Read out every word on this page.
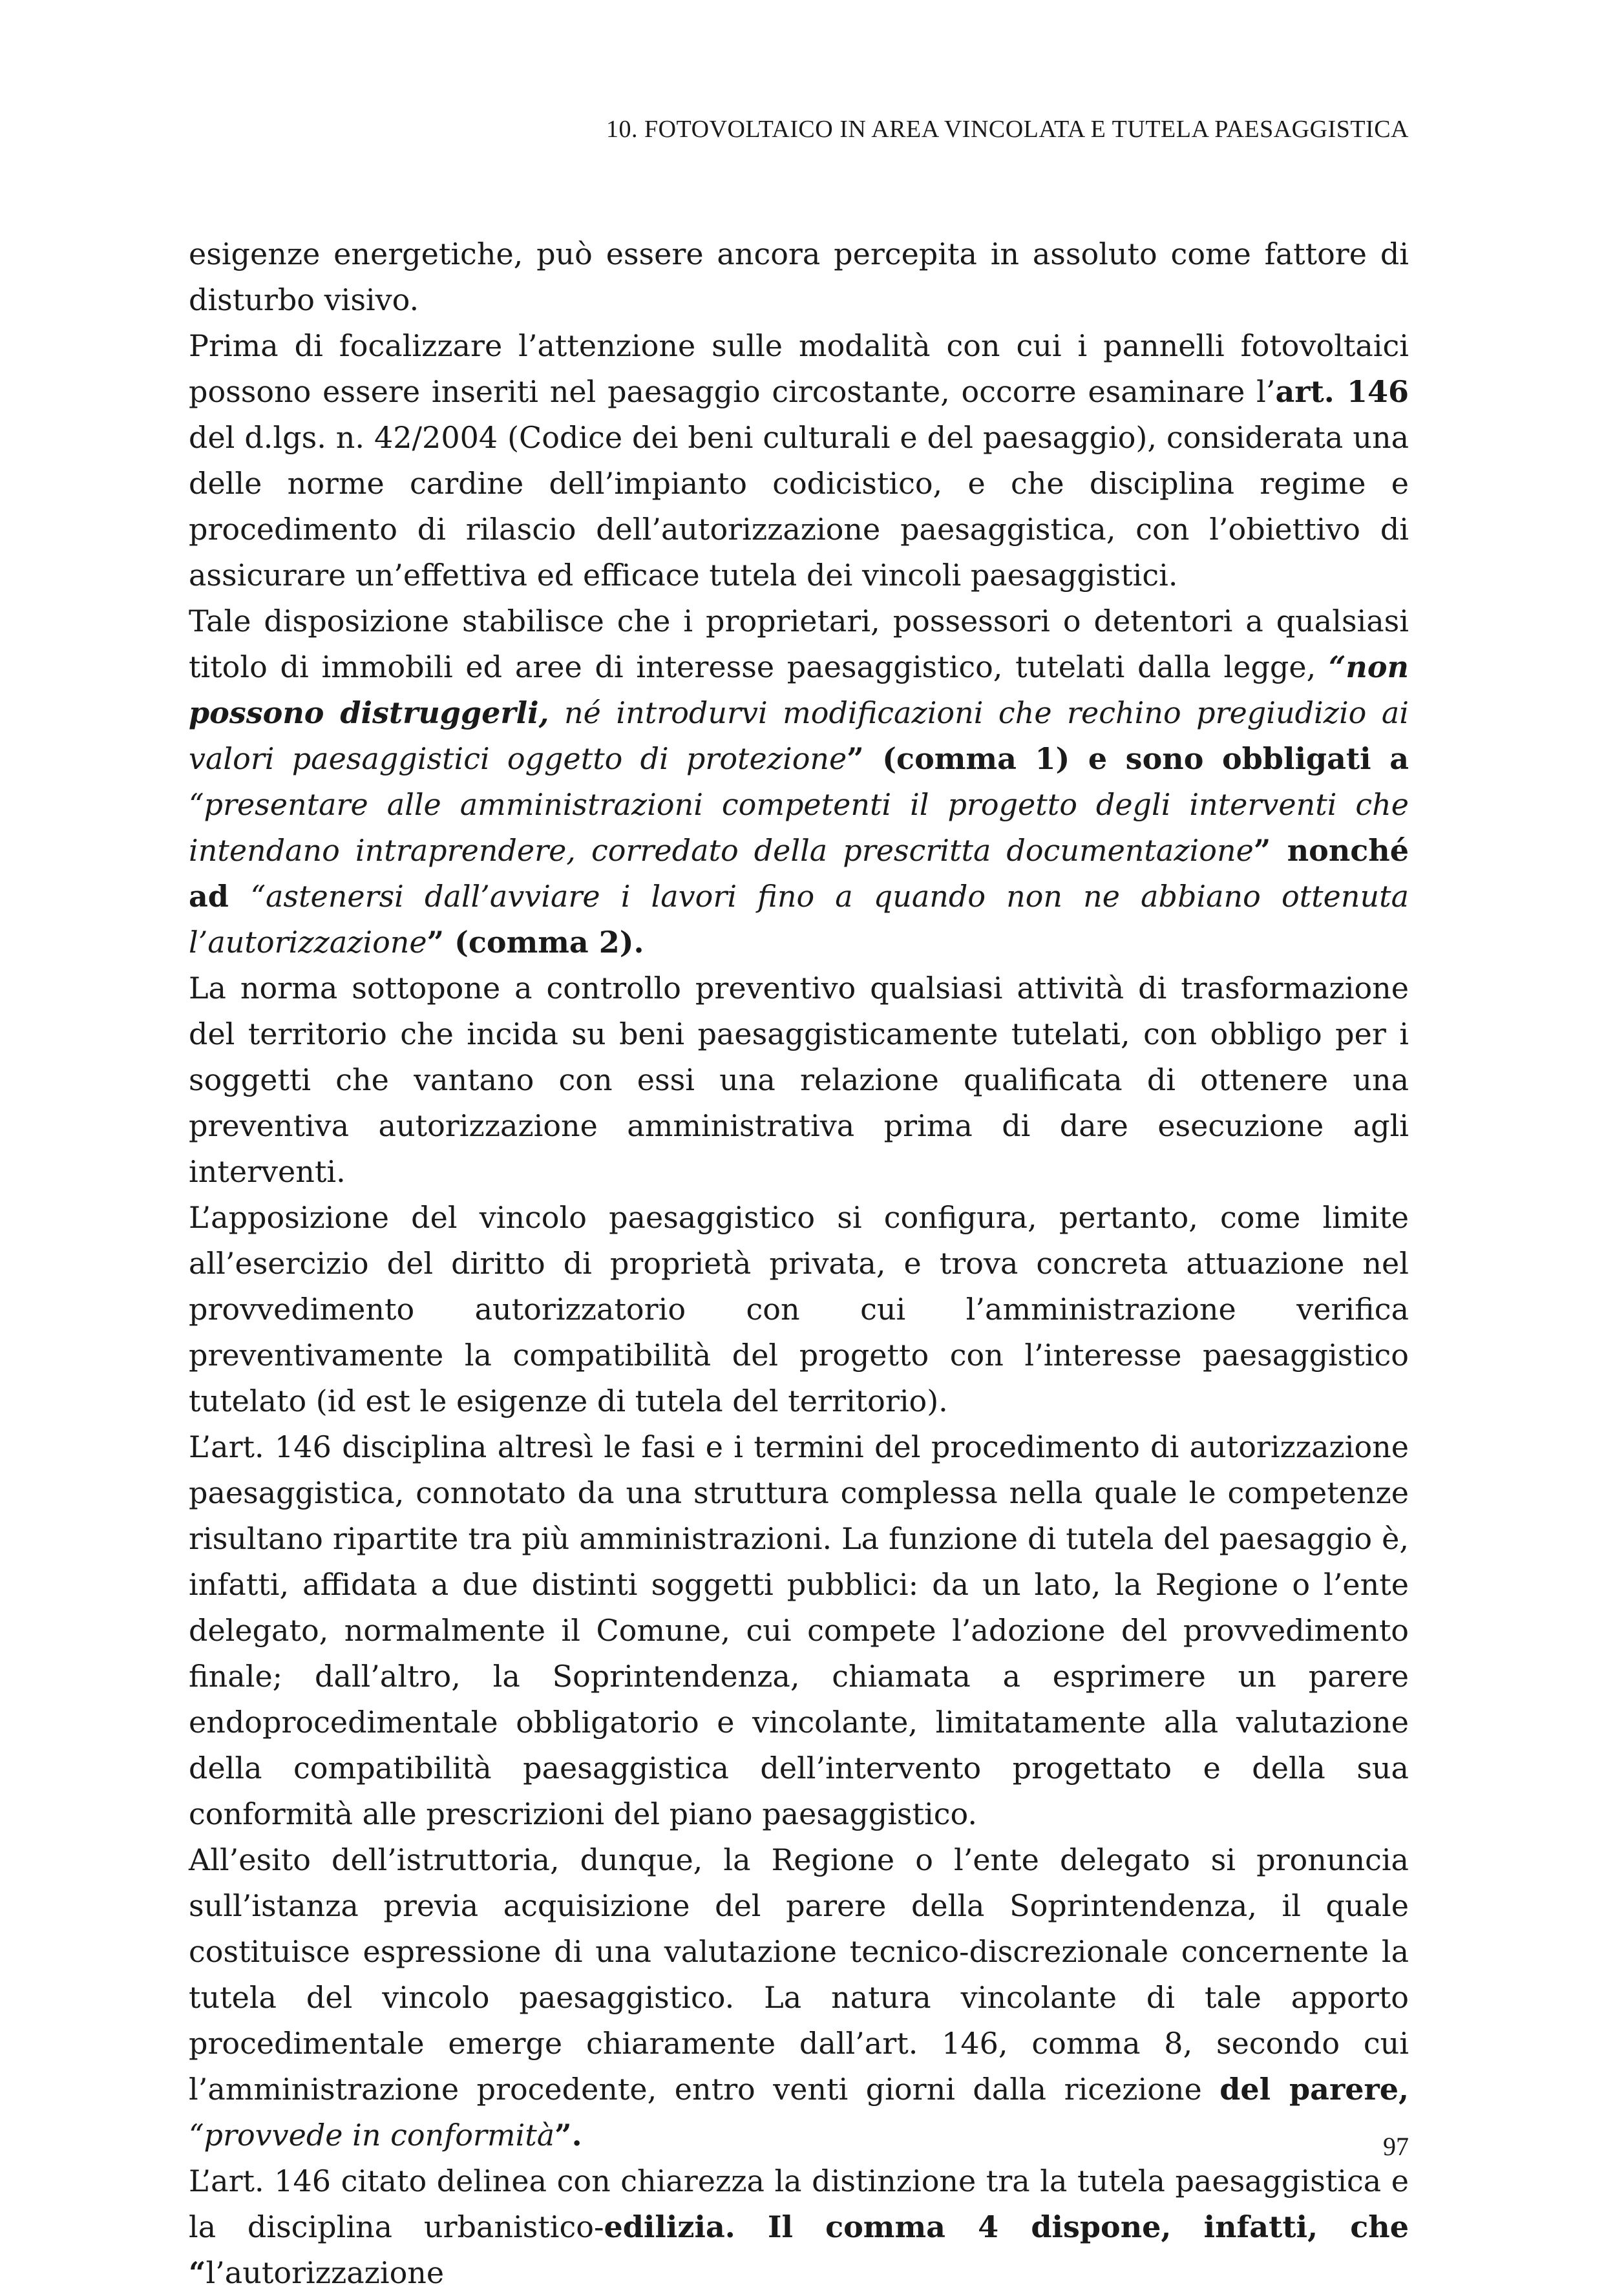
10. FOTOVOLTAICO IN AREA VINCOLATA E TUTELA PAESAGGISTICA

esigenze energetiche, può essere ancora percepita in assoluto come fattore di disturbo visivo.

Prima di focalizzare l’attenzione sulle modalità con cui i pannelli fotovoltaici possono essere inseriti nel paesaggio circostante, occorre esaminare l’art. 146 del d.lgs. n. 42/2004 (Codice dei beni culturali e del paesaggio), considerata una delle norme cardine dell’impianto codicistico, e che disciplina regime e procedimento di rilascio dell’autorizzazione paesaggistica, con l’obiettivo di assicurare un’effettiva ed efficace tutela dei vincoli paesaggistici.

Tale disposizione stabilisce che i proprietari, possessori o detentori a qualsiasi titolo di immobili ed aree di interesse paesaggistico, tutelati dalla legge, “non possono distruggerli, né introdurvi modificazioni che rechino pregiudizio ai valori paesaggistici oggetto di protezione” (comma 1) e sono obbligati a “presentare alle amministrazioni competenti il progetto degli interventi che intendano intraprendere, corredato della prescritta documentazione” nonché ad “astenersi dall’avviare i lavori fino a quando non ne abbiano ottenuta l’autorizzazione” (comma 2).

La norma sottopone a controllo preventivo qualsiasi attività di trasformazione del territorio che incida su beni paesaggisticamente tutelati, con obbligo per i soggetti che vantano con essi una relazione qualificata di ottenere una preventiva autorizzazione amministrativa prima di dare esecuzione agli interventi.

L’apposizione del vincolo paesaggistico si configura, pertanto, come limite all’esercizio del diritto di proprietà privata, e trova concreta attuazione nel provvedimento autorizzatorio con cui l’amministrazione verifica preventivamente la compatibilità del progetto con l’interesse paesaggistico tutelato (id est le esigenze di tutela del territorio).

L’art. 146 disciplina altresì le fasi e i termini del procedimento di autorizzazione paesaggistica, connotato da una struttura complessa nella quale le competenze risultano ripartite tra più amministrazioni. La funzione di tutela del paesaggio è, infatti, affidata a due distinti soggetti pubblici: da un lato, la Regione o l’ente delegato, normalmente il Comune, cui compete l’adozione del provvedimento finale; dall’altro, la Soprintendenza, chiamata a esprimere un parere endoprocedimentale obbligatorio e vincolante, limitatamente alla valutazione della compatibilità paesaggistica dell’intervento progettato e della sua conformità alle prescrizioni del piano paesaggistico.

All’esito dell’istruttoria, dunque, la Regione o l’ente delegato si pronuncia sull’istanza previa acquisizione del parere della Soprintendenza, il quale costituisce espressione di una valutazione tecnico-discrezionale concernente la tutela del vincolo paesaggistico. La natura vincolante di tale apporto procedimentale emerge chiaramente dall’art. 146, comma 8, secondo cui l’amministrazione procedente, entro venti giorni dalla ricezione del parere, “provvede in conformità”.

L’art. 146 citato delinea con chiarezza la distinzione tra la tutela paesaggistica e la disciplina urbanistico-edilizia. Il comma 4 dispone, infatti, che “l’autorizzazione

97
